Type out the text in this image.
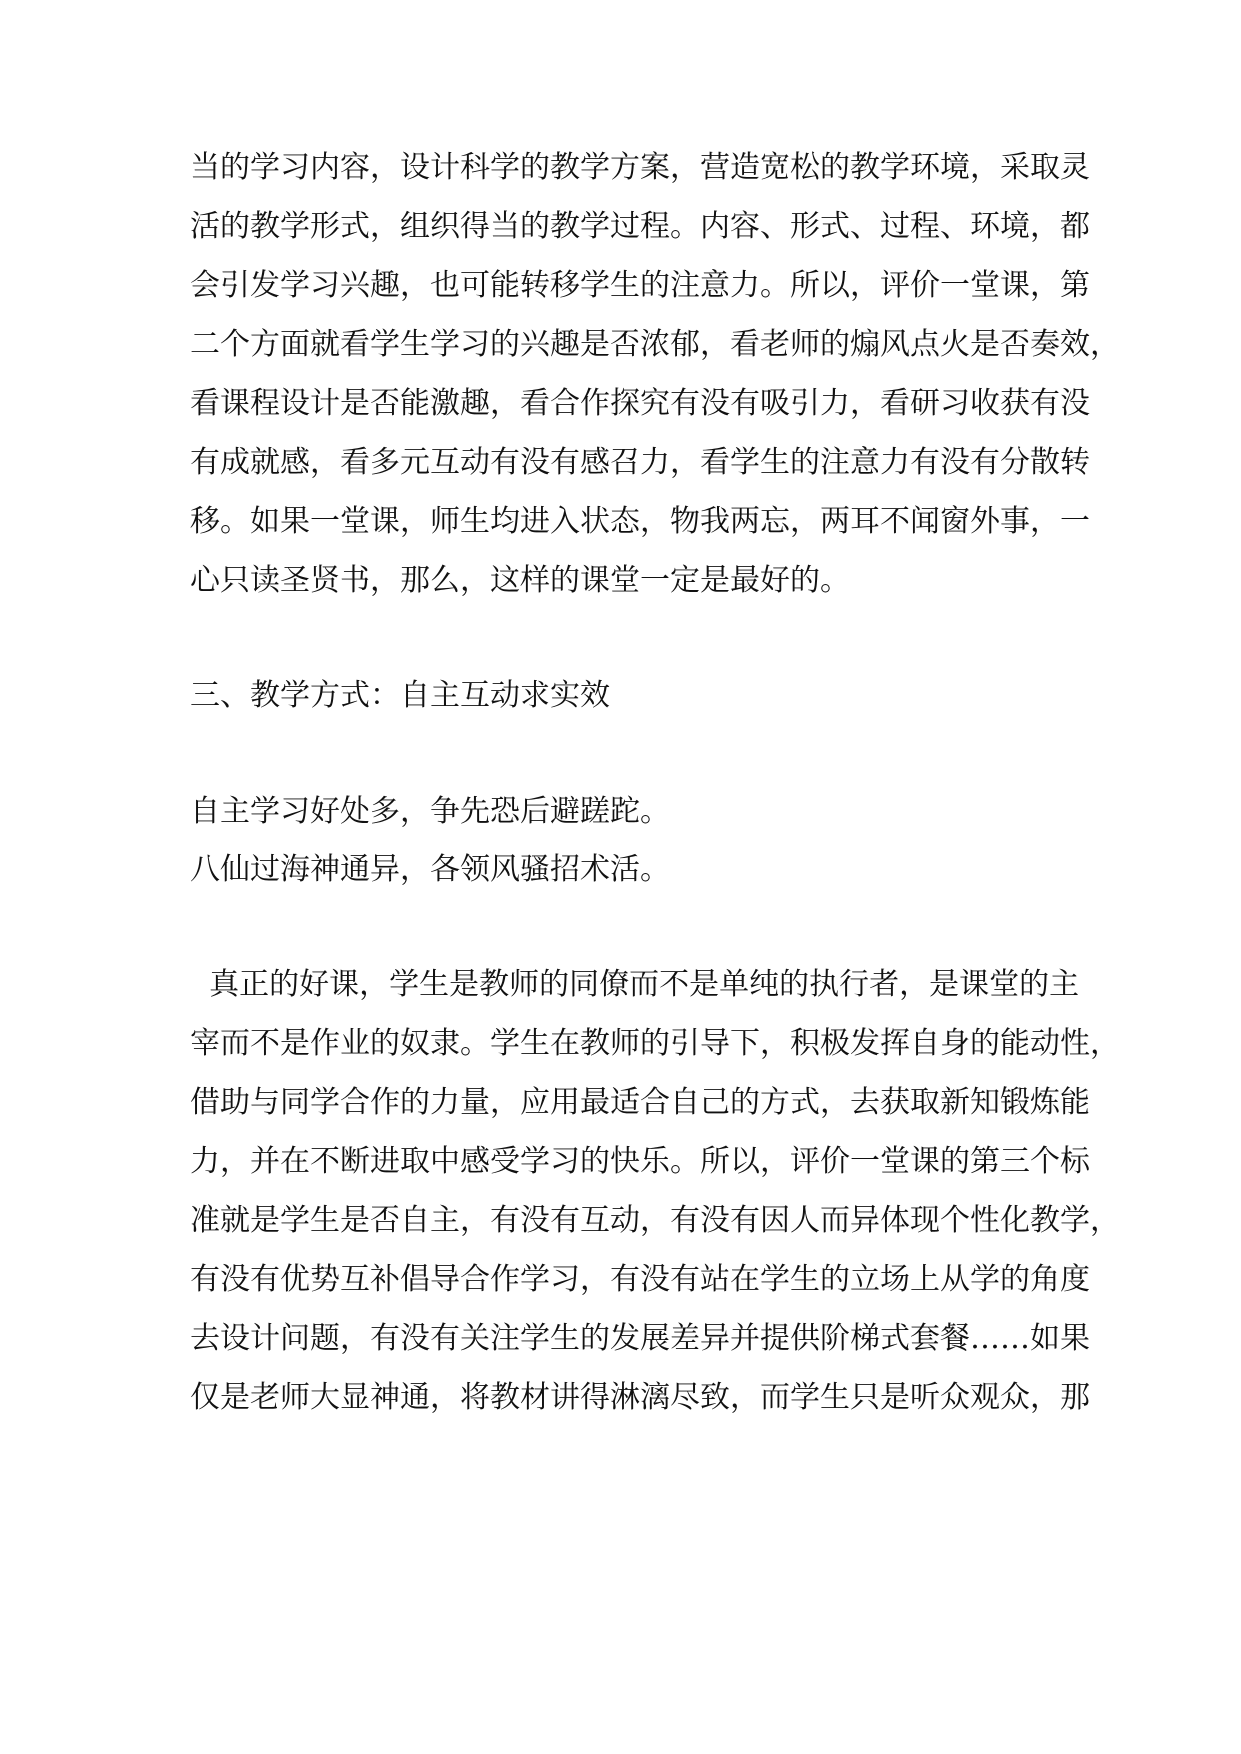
当的学习内容，设计科学的教学方案，营造宽松的教学环境，采取灵
活的教学形式，组织得当的教学过程。内容、形式、过程、环境，都
会引发学习兴趣，也可能转移学生的注意力。所以，评价一堂课，第
二个方面就看学生学习的兴趣是否浓郁，看老师的煽风点火是否奏效，
看课程设计是否能激趣，看合作探究有没有吸引力，看研习收获有没
有成就感，看多元互动有没有感召力，看学生的注意力有没有分散转
移。如果一堂课，师生均进入状态，物我两忘，两耳不闻窗外事，一
心只读圣贤书，那么，这样的课堂一定是最好的。
三、教学方式：自主互动求实效
自主学习好处多，争先恐后避蹉跎。
八仙过海神通异，各领风骚招术活。
真正的好课，学生是教师的同僚而不是单纯的执行者，是课堂的主
宰而不是作业的奴隶。学生在教师的引导下，积极发挥自身的能动性，
借助与同学合作的力量，应用最适合自己的方式，去获取新知锻炼能
力，并在不断进取中感受学习的快乐。所以，评价一堂课的第三个标
准就是学生是否自主，有没有互动，有没有因人而异体现个性化教学，
有没有优势互补倡导合作学习，有没有站在学生的立场上从学的角度
去设计问题，有没有关注学生的发展差异并提供阶梯式套餐……如果
仅是老师大显神通，将教材讲得淋漓尽致，而学生只是听众观众，那
